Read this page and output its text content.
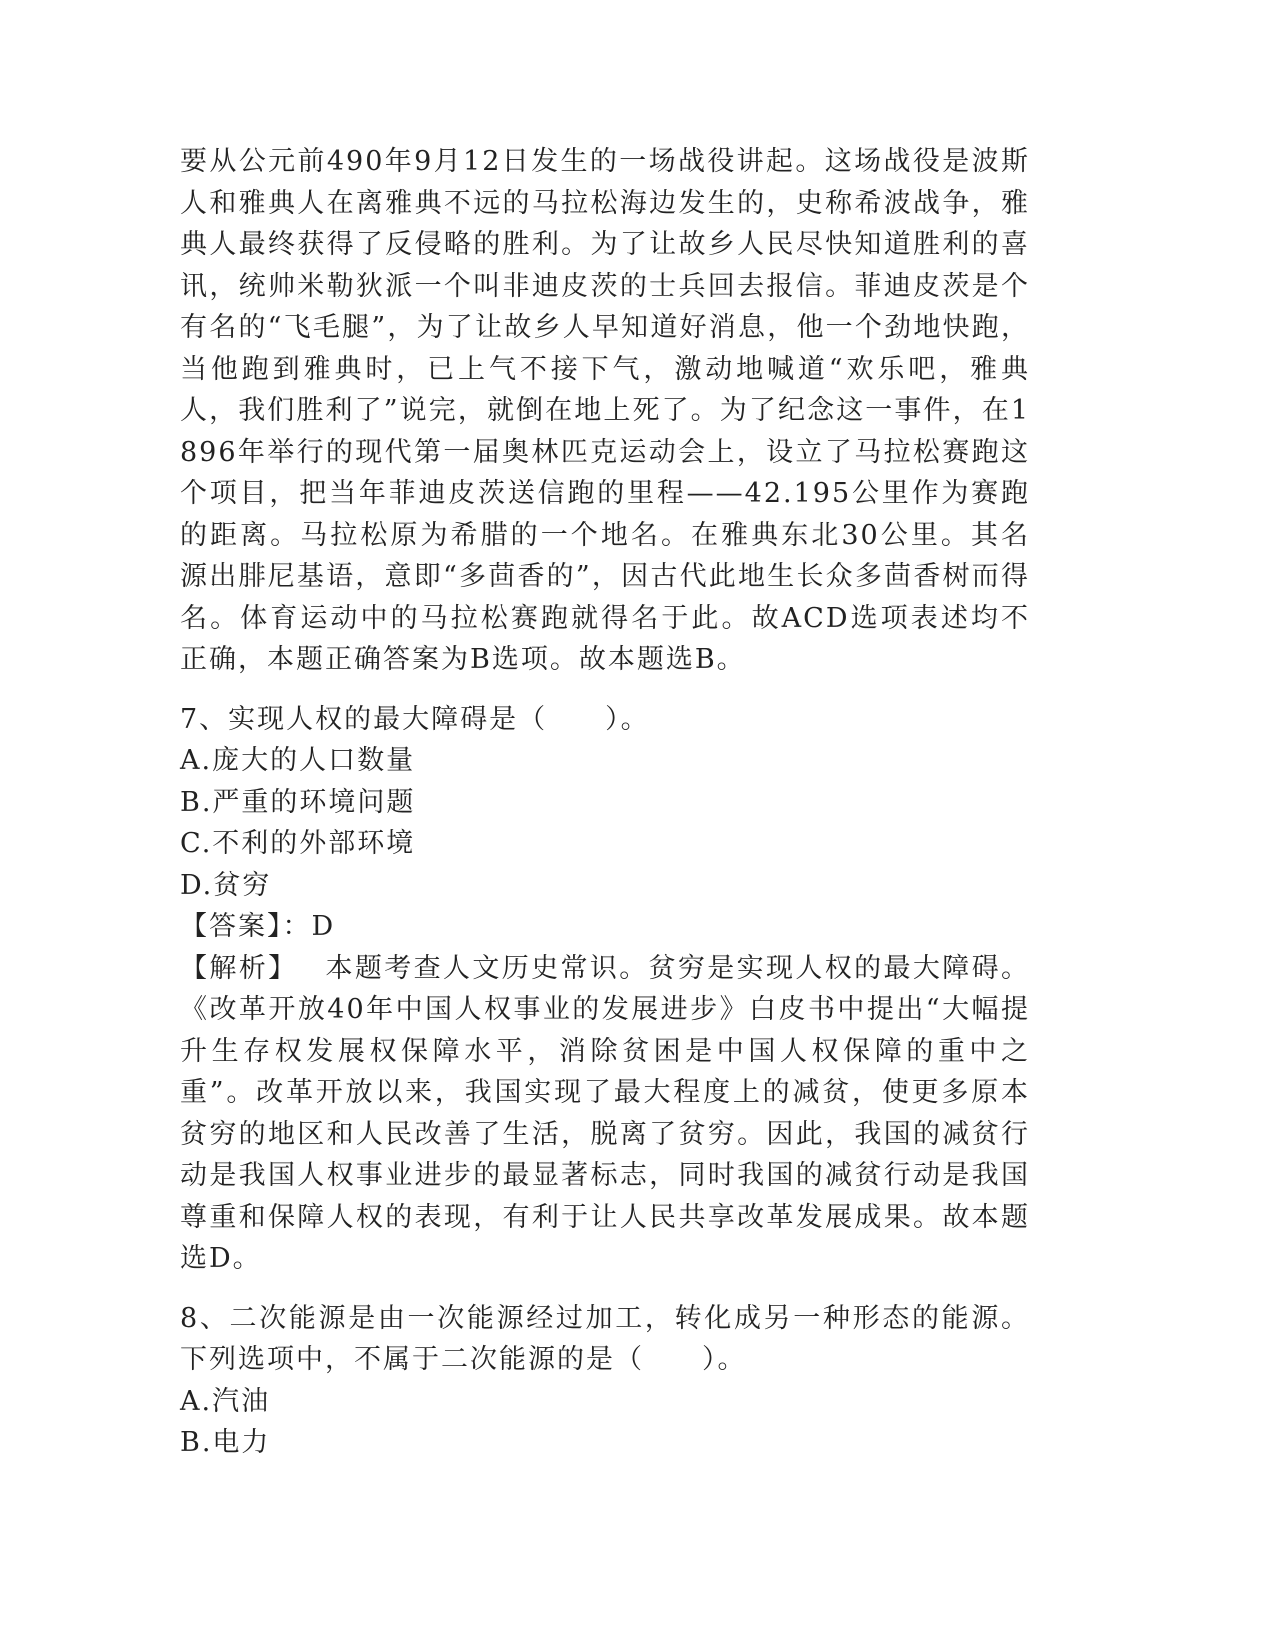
要从公元前490年9月12日发生的一场战役讲起。这场战役是波斯人和雅典人在离雅典不远的马拉松海边发生的，史称希波战争，雅典人最终获得了反侵略的胜利。为了让故乡人民尽快知道胜利的喜讯，统帅米勒狄派一个叫非迪皮茨的士兵回去报信。菲迪皮茨是个有名的“飞毛腿”，为了让故乡人早知道好消息，他一个劲地快跑，当他跑到雅典时，已上气不接下气，激动地喊道“欢乐吧，雅典人，我们胜利了”说完，就倒在地上死了。为了纪念这一事件，在1896年举行的现代第一届奥林匹克运动会上，设立了马拉松赛跑这个项目，把当年菲迪皮茨送信跑的里程——42.195公里作为赛跑的距离。马拉松原为希腊的一个地名。在雅典东北30公里。其名源出腓尼基语，意即“多茴香的”，因古代此地生长众多茴香树而得名。体育运动中的马拉松赛跑就得名于此。故ACD选项表述均不正确，本题正确答案为B选项。故本题选B。

7、实现人权的最大障碍是（　　）。

A.庞大的人口数量

B.严重的环境问题

C.不利的外部环境

D.贫穷

【答案】：D

【解析】 本题考查人文历史常识。贫穷是实现人权的最大障碍。《改革开放40年中国人权事业的发展进步》白皮书中提出“大幅提升生存权发展权保障水平，消除贫困是中国人权保障的重中之重”。改革开放以来，我国实现了最大程度上的减贫，使更多原本贫穷的地区和人民改善了生活，脱离了贫穷。因此，我国的减贫行动是我国人权事业进步的最显著标志，同时我国的减贫行动是我国尊重和保障人权的表现，有利于让人民共享改革发展成果。故本题选D。

8、二次能源是由一次能源经过加工，转化成另一种形态的能源。下列选项中，不属于二次能源的是（　　）。

A.汽油

B.电力
